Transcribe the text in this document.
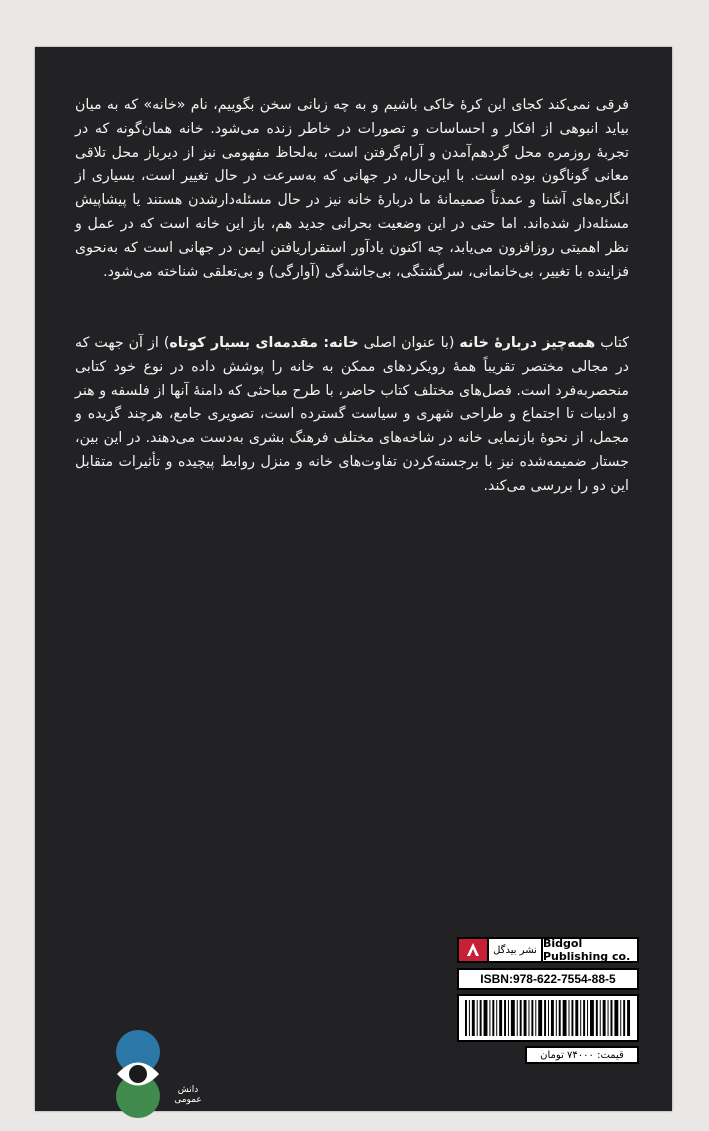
فرقی نمی‌کند کجای این کرهٔ خاکی باشیم و به چه زبانی سخن بگوییم، نام «خانه» که به میان بیاید انبوهی از افکار و احساسات و تصورات در خاطر زنده می‌شود. خانه همان‌گونه که در تجربهٔ روزمره محل گردهم‌آمدن و آرام‌گرفتن است، به‌لحاظ مفهومی نیز از دیرباز محل تلاقی معانی گوناگون بوده است. با این‌حال، در جهانی که به‌سرعت در حال تغییر است، بسیاری از انگاره‌های آشنا و عمدتاً صمیمانهٔ ما دربارهٔ خانه نیز در حال مسئله‌دارشدن هستند یا پیشاپیش مسئله‌دار شده‌اند. اما حتی در این وضعیت بحرانی جدید هم، باز این خانه است که در عمل و نظر اهمیتی روزافزون می‌یابد، چه اکنون یادآور استقراریافتن ایمن در جهانی است که به‌نحوی فزاینده با تغییر، بی‌خانمانی، سرگشتگی، بی‌جاشدگی (آوارگی) و بی‌تعلقی شناخته می‌شود.

کتاب همه‌چیز دربارهٔ خانه (با عنوان اصلی خانه: مقدمه‌ای بسیار کوتاه) از آن جهت که در مجالی مختصر تقریباً همهٔ رویکردهای ممکن به خانه را پوشش داده در نوع خود کتابی منحصربه‌فرد است. فصل‌های مختلف کتاب حاضر، با طرح مباحثی که دامنهٔ آنها از فلسفه و هنر و ادبیات تا اجتماع و طراحی شهری و سیاست گسترده است، تصویری جامع، هرچند گزیده و مجمل، از نحوهٔ بازنمایی خانه در شاخه‌های مختلف فرهنگ بشری به‌دست می‌دهند. در این بین، جستار ضمیمه‌شده نیز با برجسته‌کردن تفاوت‌های خانه و منزل روابط پیچیده و تأثیرات متقابل این دو را بررسی می‌کند.

نشر بیدگل Bidgol Publishing co.
ISBN:978-622-7554-88-5
قیمت: ۷۴۰۰۰ تومان
دانش عمومی
